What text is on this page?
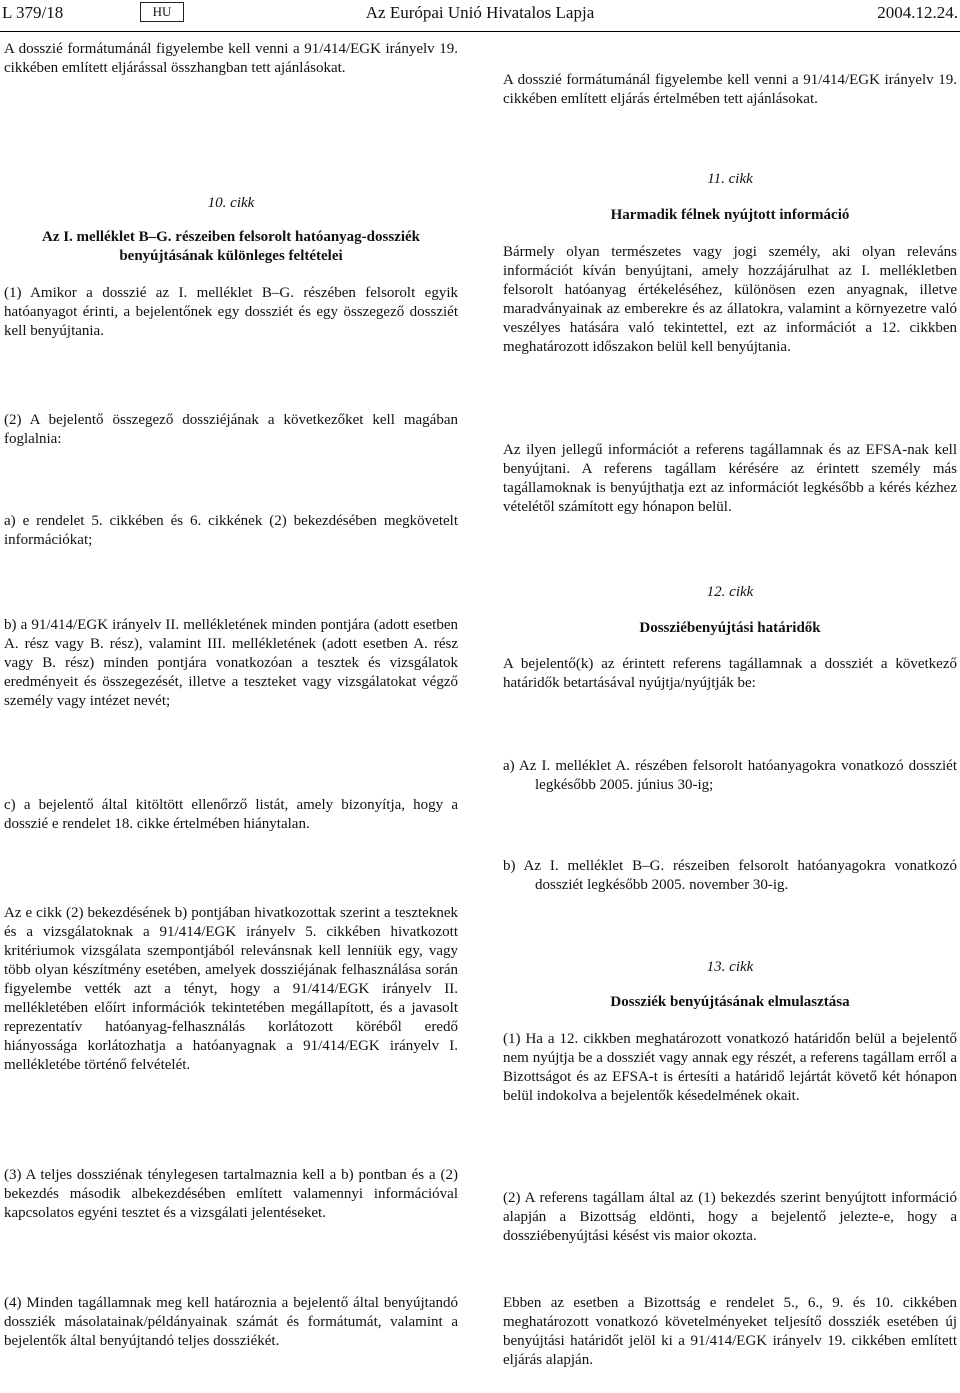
L 379/18	HU	Az Európai Unió Hivatalos Lapja	2004.12.24.

A dosszié formátumánál figyelembe kell venni a 91/414/EGK irányelv 19. cikkében említett eljárással összhangban tett ajánlásokat.

10. cikk

Az I. melléklet B–G. részeiben felsorolt hatóanyag-dossziék benyújtásának különleges feltételei

(1) Amikor a dosszié az I. melléklet B–G. részében felsorolt egyik hatóanyagot érinti, a bejelentőnek egy dossziét és egy összegező dossziét kell benyújtania.

(2) A bejelentő összegező dossziéjának a következőket kell magában foglalnia:

a) e rendelet 5. cikkében és 6. cikkének (2) bekezdésében megkövetelt információkat;

b) a 91/414/EGK irányelv II. mellékletének minden pontjára (adott esetben A. rész vagy B. rész), valamint III. mellékletének (adott esetben A. rész vagy B. rész) minden pontjára vonatkozóan a tesztek és vizsgálatok eredményeit és összegezését, illetve a teszteket vagy vizsgálatokat végző személy vagy intézet nevét;

c) a bejelentő által kitöltött ellenőrző listát, amely bizonyítja, hogy a dosszié e rendelet 18. cikke értelmében hiánytalan.

Az e cikk (2) bekezdésének b) pontjában hivatkozottak szerint a teszteknek és a vizsgálatoknak a 91/414/EGK irányelv 5. cikkében hivatkozott kritériumok vizsgálata szempontjából relevánsnak kell lenniük egy, vagy több olyan készítmény esetében, amelyek dossziéjának felhasználása során figyelembe vették azt a tényt, hogy a 91/414/EGK irányelv II. mellékletében előírt információk tekintetében megállapított, és a javasolt reprezentatív hatóanyag-felhasználás korlátozott köréből eredő hiányossága korlátozhatja a hatóanyagnak a 91/414/EGK irányelv I. mellékletébe történő felvételét.

(3) A teljes dossziénak ténylegesen tartalmaznia kell a b) pontban és a (2) bekezdés második albekezdésében említett valamennyi információval kapcsolatos egyéni tesztet és a vizsgálati jelentéseket.

(4) Minden tagállamnak meg kell határoznia a bejelentő által benyújtandó dossziék másolatainak/példányainak számát és formátumát, valamint a bejelentők által benyújtandó teljes dossziékét.

A dosszié formátumánál figyelembe kell venni a 91/414/EGK irányelv 19. cikkében említett eljárás értelmében tett ajánlásokat.

11. cikk

Harmadik félnek nyújtott információ

Bármely olyan természetes vagy jogi személy, aki olyan releváns információt kíván benyújtani, amely hozzájárulhat az I. mellékletben felsorolt hatóanyag értékeléséhez, különösen ezen anyagnak, illetve maradványainak az emberekre és az állatokra, valamint a környezetre való veszélyes hatására való tekintettel, ezt az információt a 12. cikkben meghatározott időszakon belül kell benyújtania.

Az ilyen jellegű információt a referens tagállamnak és az EFSA-nak kell benyújtani. A referens tagállam kérésére az érintett személy más tagállamoknak is benyújthatja ezt az információt legkésőbb a kérés kézhez vételétől számított egy hónapon belül.

12. cikk

Dossziébenyújtási határidők

A bejelentő(k) az érintett referens tagállamnak a dossziét a következő határidők betartásával nyújtja/nyújtják be:

a) Az I. melléklet A. részében felsorolt hatóanyagokra vonatkozó dossziét legkésőbb 2005. június 30-ig;

b) Az I. melléklet B–G. részeiben felsorolt hatóanyagokra vonatkozó dossziét legkésőbb 2005. november 30-ig.

13. cikk

Dossziék benyújtásának elmulasztása

(1) Ha a 12. cikkben meghatározott vonatkozó határidőn belül a bejelentő nem nyújtja be a dossziét vagy annak egy részét, a referens tagállam erről a Bizottságot és az EFSA-t is értesíti a határidő lejártát követő két hónapon belül indokolva a bejelentők késedelmének okait.

(2) A referens tagállam által az (1) bekezdés szerint benyújtott információ alapján a Bizottság eldönti, hogy a bejelentő jelezte-e, hogy a dossziébenyújtási késést vis maior okozta.

Ebben az esetben a Bizottság e rendelet 5., 6., 9. és 10. cikkében meghatározott vonatkozó követelményeket teljesítő dossziék esetében új benyújtási határidőt jelöl ki a 91/414/EGK irányelv 19. cikkében említett eljárás alapján.
